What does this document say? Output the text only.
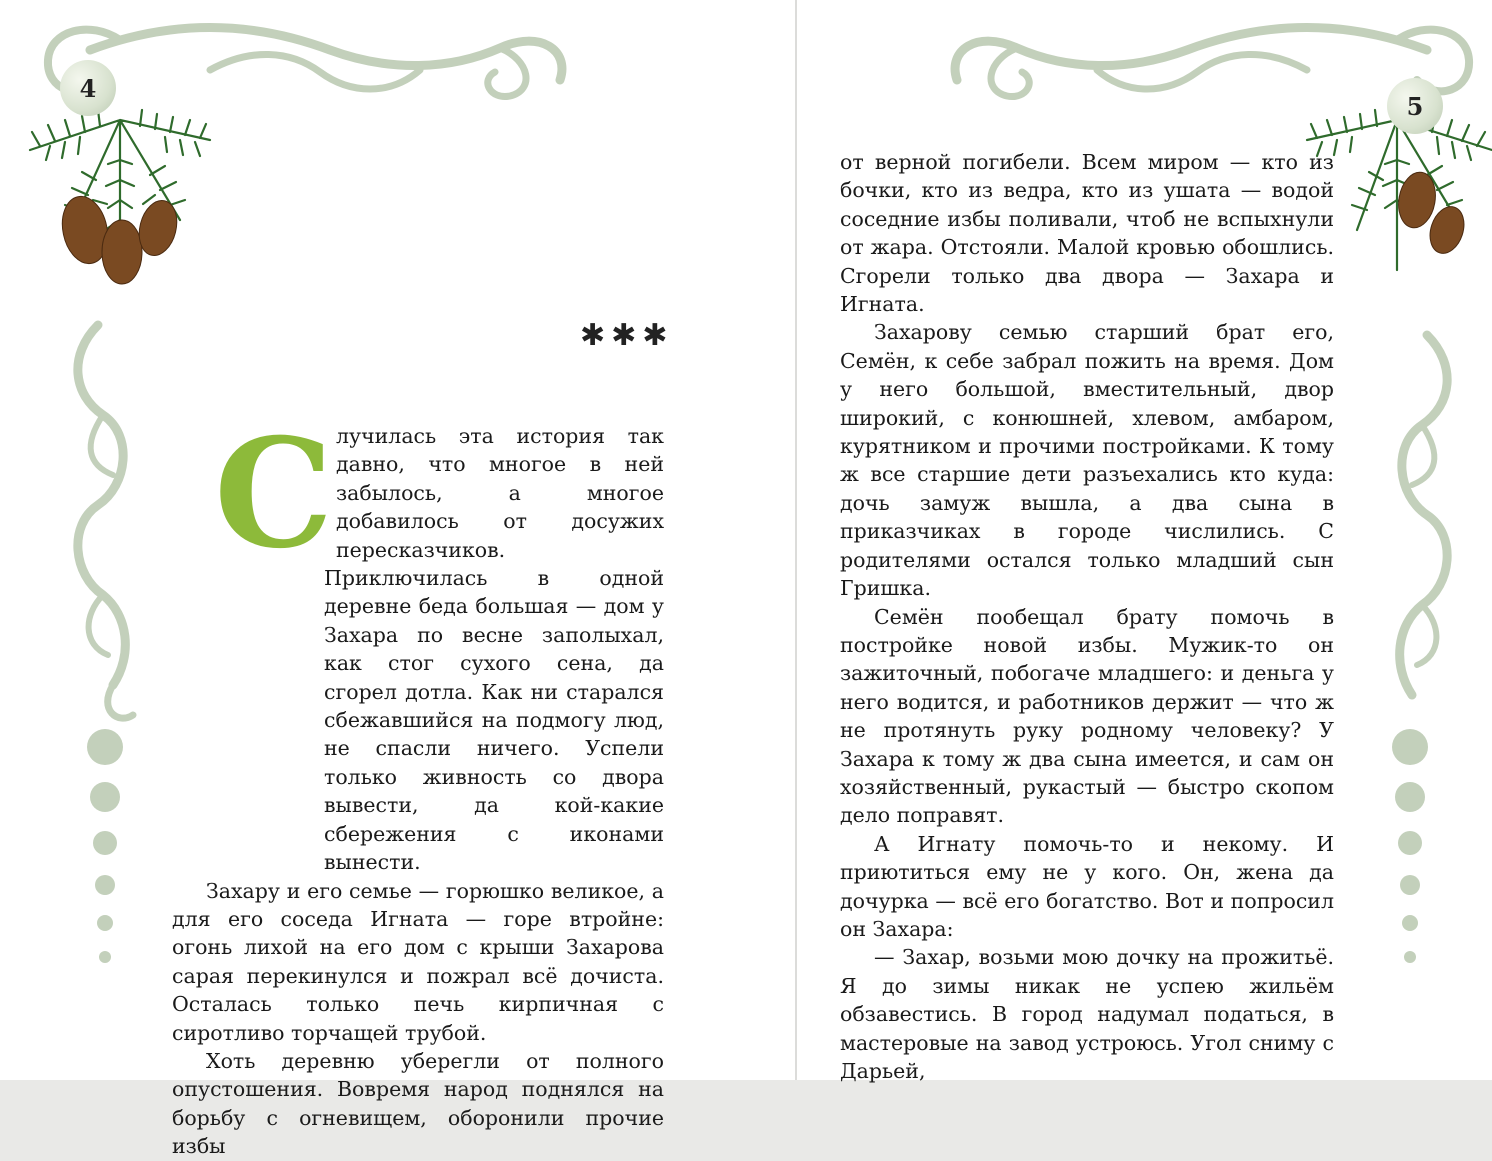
4
✱✱✱

С лучилась эта история так давно, что многое в ней забылось, а многое добавилось от досужих пересказчиков. Приключилась в одной деревне беда большая — дом у Захара по весне заполыхал, как стог сухого сена, да сгорел дотла. Как ни старался сбежавшийся на подмогу люд, не спасли ничего. Успели только живность со двора вывести, да кой-какие сбережения с иконами вынести.

Захару и его семье — горюшко великое, а для его соседа Игната — горе втройне: огонь лихой на его дом с крыши Захарова сарая перекинулся и пожрал всё дочиста. Осталась только печь кирпичная с сиротливо торчащей трубой.

Хоть деревню уберегли от полного опустошения. Вовремя народ поднялся на борьбу с огневищем, оборонили прочие избы

5

от верной погибели. Всем миром — кто из бочки, кто из ведра, кто из ушата — водой соседние избы поливали, чтоб не вспыхнули от жара. Отстояли. Малой кровью обошлись. Сгорели только два двора — Захара и Игната.

Захарову семью старший брат его, Семён, к себе забрал пожить на время. Дом у него большой, вместительный, двор широкий, с конюшней, хлевом, амбаром, курятником и прочими постройками. К тому ж все старшие дети разъехались кто куда: дочь замуж вышла, а два сына в приказчиках в городе числились. С родителями остался только младший сын Гришка.

Семён пообещал брату помочь в постройке новой избы. Мужик-то он зажиточный, побогаче младшего: и деньга у него водится, и работников держит — что ж не протянуть руку родному человеку? У Захара к тому ж два сына имеется, и сам он хозяйственный, рукастый — быстро скопом дело поправят.

А Игнату помочь-то и некому. И приютиться ему не у кого. Он, жена да дочурка — всё его богатство. Вот и попросил он Захара:

— Захар, возьми мою дочку на прожитьё. Я до зимы никак не успею жильём обзавестись. В город надумал податься, в мастеровые на завод устроюсь. Угол сниму с Дарьей,
